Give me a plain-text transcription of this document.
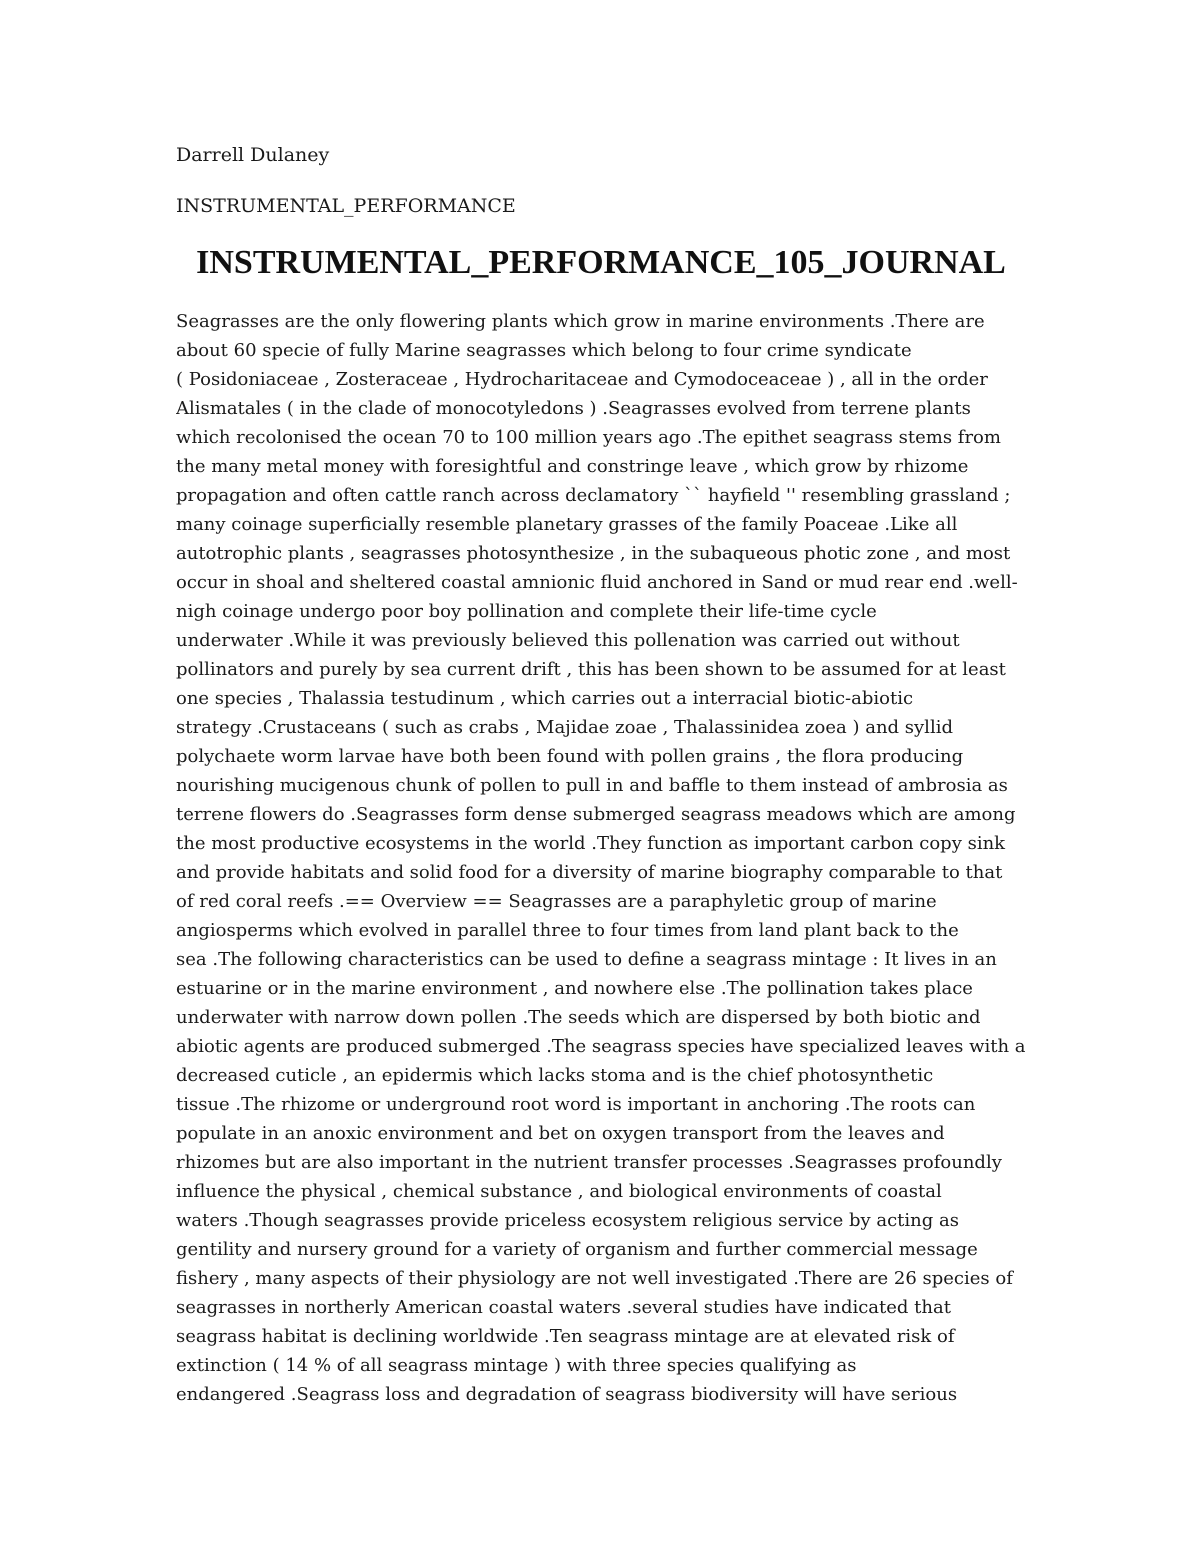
Darrell Dulaney
INSTRUMENTAL_PERFORMANCE
INSTRUMENTAL_PERFORMANCE_105_JOURNAL
Seagrasses are the only flowering plants which grow in marine environments .There are
about 60 specie of fully Marine seagrasses which belong to four crime syndicate
( Posidoniaceae , Zosteraceae , Hydrocharitaceae and Cymodoceaceae ) , all in the order
Alismatales ( in the clade of monocotyledons ) .Seagrasses evolved from terrene plants
which recolonised the ocean 70 to 100 million years ago .The epithet seagrass stems from
the many metal money with foresightful and constringe leave , which grow by rhizome
propagation and often cattle ranch across declamatory `` hayfield '' resembling grassland ;
many coinage superficially resemble planetary grasses of the family Poaceae .Like all
autotrophic plants , seagrasses photosynthesize , in the subaqueous photic zone , and most
occur in shoal and sheltered coastal amnionic fluid anchored in Sand or mud rear end .well-
nigh coinage undergo poor boy pollination and complete their life-time cycle
underwater .While it was previously believed this pollenation was carried out without
pollinators and purely by sea current drift , this has been shown to be assumed for at least
one species , Thalassia testudinum , which carries out a interracial biotic-abiotic
strategy .Crustaceans ( such as crabs , Majidae zoae , Thalassinidea zoea ) and syllid
polychaete worm larvae have both been found with pollen grains , the flora producing
nourishing mucigenous chunk of pollen to pull in and baffle to them instead of ambrosia as
terrene flowers do .Seagrasses form dense submerged seagrass meadows which are among
the most productive ecosystems in the world .They function as important carbon copy sink
and provide habitats and solid food for a diversity of marine biography comparable to that
of red coral reefs .== Overview == Seagrasses are a paraphyletic group of marine
angiosperms which evolved in parallel three to four times from land plant back to the
sea .The following characteristics can be used to define a seagrass mintage : It lives in an
estuarine or in the marine environment , and nowhere else .The pollination takes place
underwater with narrow down pollen .The seeds which are dispersed by both biotic and
abiotic agents are produced submerged .The seagrass species have specialized leaves with a
decreased cuticle , an epidermis which lacks stoma and is the chief photosynthetic
tissue .The rhizome or underground root word is important in anchoring .The roots can
populate in an anoxic environment and bet on oxygen transport from the leaves and
rhizomes but are also important in the nutrient transfer processes .Seagrasses profoundly
influence the physical , chemical substance , and biological environments of coastal
waters .Though seagrasses provide priceless ecosystem religious service by acting as
gentility and nursery ground for a variety of organism and further commercial message
fishery , many aspects of their physiology are not well investigated .There are 26 species of
seagrasses in northerly American coastal waters .several studies have indicated that
seagrass habitat is declining worldwide .Ten seagrass mintage are at elevated risk of
extinction ( 14 % of all seagrass mintage ) with three species qualifying as
endangered .Seagrass loss and degradation of seagrass biodiversity will have serious
